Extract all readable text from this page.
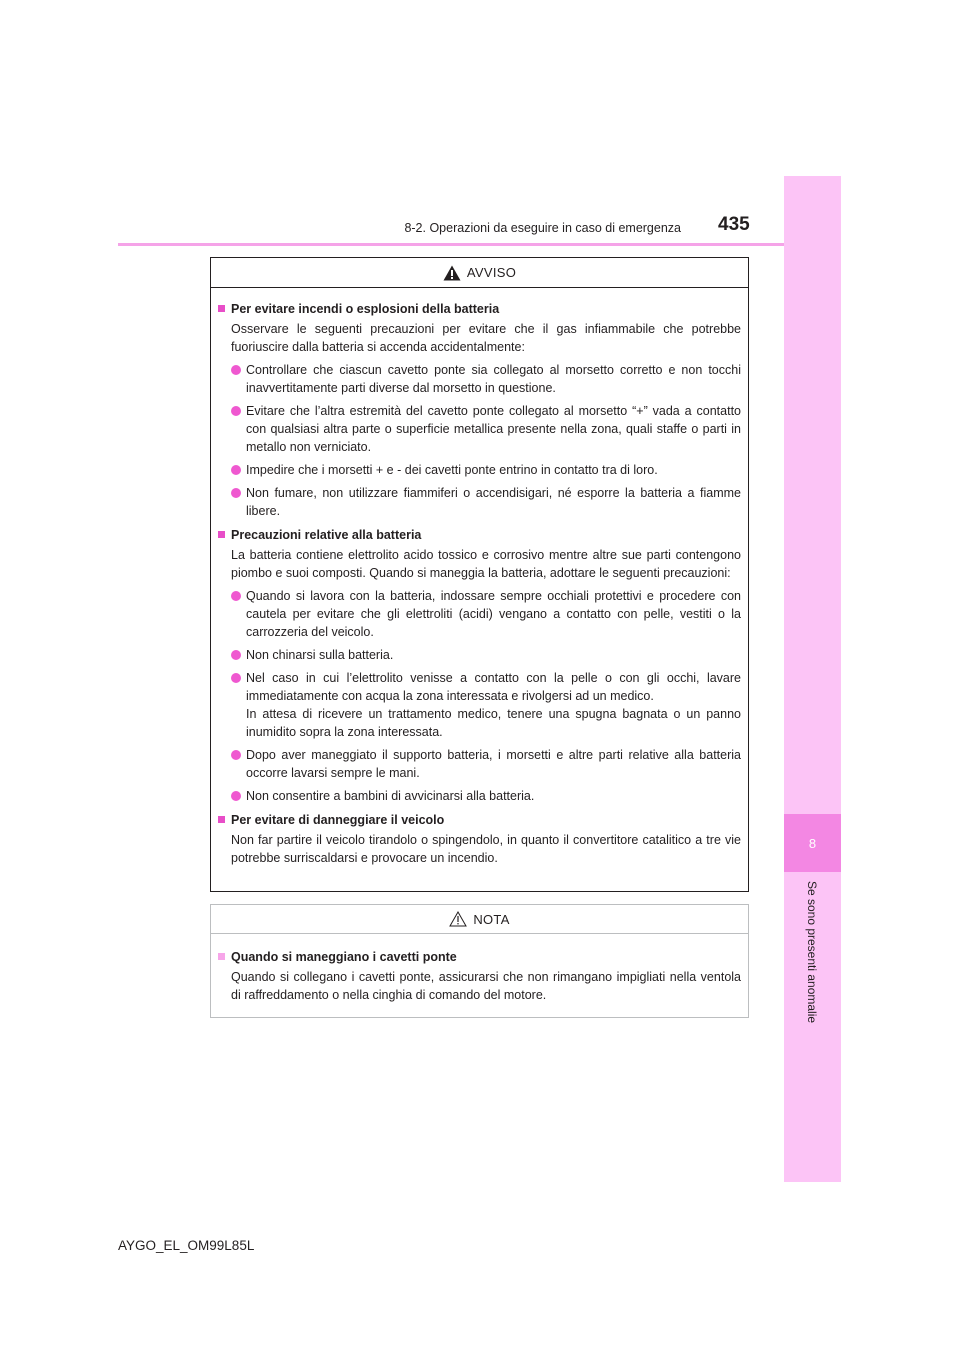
8-2. Operazioni da eseguire in caso di emergenza 435
8
Se sono presenti anomalie
AVVISO
Per evitare incendi o esplosioni della batteria
Osservare le seguenti precauzioni per evitare che il gas infiammabile che potrebbe fuoriuscire dalla batteria si accenda accidentalmente:
Controllare che ciascun cavetto ponte sia collegato al morsetto corretto e non tocchi inavvertitamente parti diverse dal morsetto in questione.
Evitare che l’altra estremità del cavetto ponte collegato al morsetto “+” vada a contatto con qualsiasi altra parte o superficie metallica presente nella zona, quali staffe o parti in metallo non verniciato.
Impedire che i morsetti + e - dei cavetti ponte entrino in contatto tra di loro.
Non fumare, non utilizzare fiammiferi o accendisigari, né esporre la batteria a fiamme libere.
Precauzioni relative alla batteria
La batteria contiene elettrolito acido tossico e corrosivo mentre altre sue parti contengono piombo e suoi composti. Quando si maneggia la batteria, adottare le seguenti precauzioni:
Quando si lavora con la batteria, indossare sempre occhiali protettivi e procedere con cautela per evitare che gli elettroliti (acidi) vengano a contatto con pelle, vestiti o la carrozzeria del veicolo.
Non chinarsi sulla batteria.
Nel caso in cui l’elettrolito venisse a contatto con la pelle o con gli occhi, lavare immediatamente con acqua la zona interessata e rivolgersi ad un medico.
In attesa di ricevere un trattamento medico, tenere una spugna bagnata o un panno inumidito sopra la zona interessata.
Dopo aver maneggiato il supporto batteria, i morsetti e altre parti relative alla batteria occorre lavarsi sempre le mani.
Non consentire a bambini di avvicinarsi alla batteria.
Per evitare di danneggiare il veicolo
Non far partire il veicolo tirandolo o spingendolo, in quanto il convertitore catalitico a tre vie potrebbe surriscaldarsi e provocare un incendio.
NOTA
Quando si maneggiano i cavetti ponte
Quando si collegano i cavetti ponte, assicurarsi che non rimangano impigliati nella ventola di raffreddamento o nella cinghia di comando del motore.
AYGO_EL_OM99L85L
